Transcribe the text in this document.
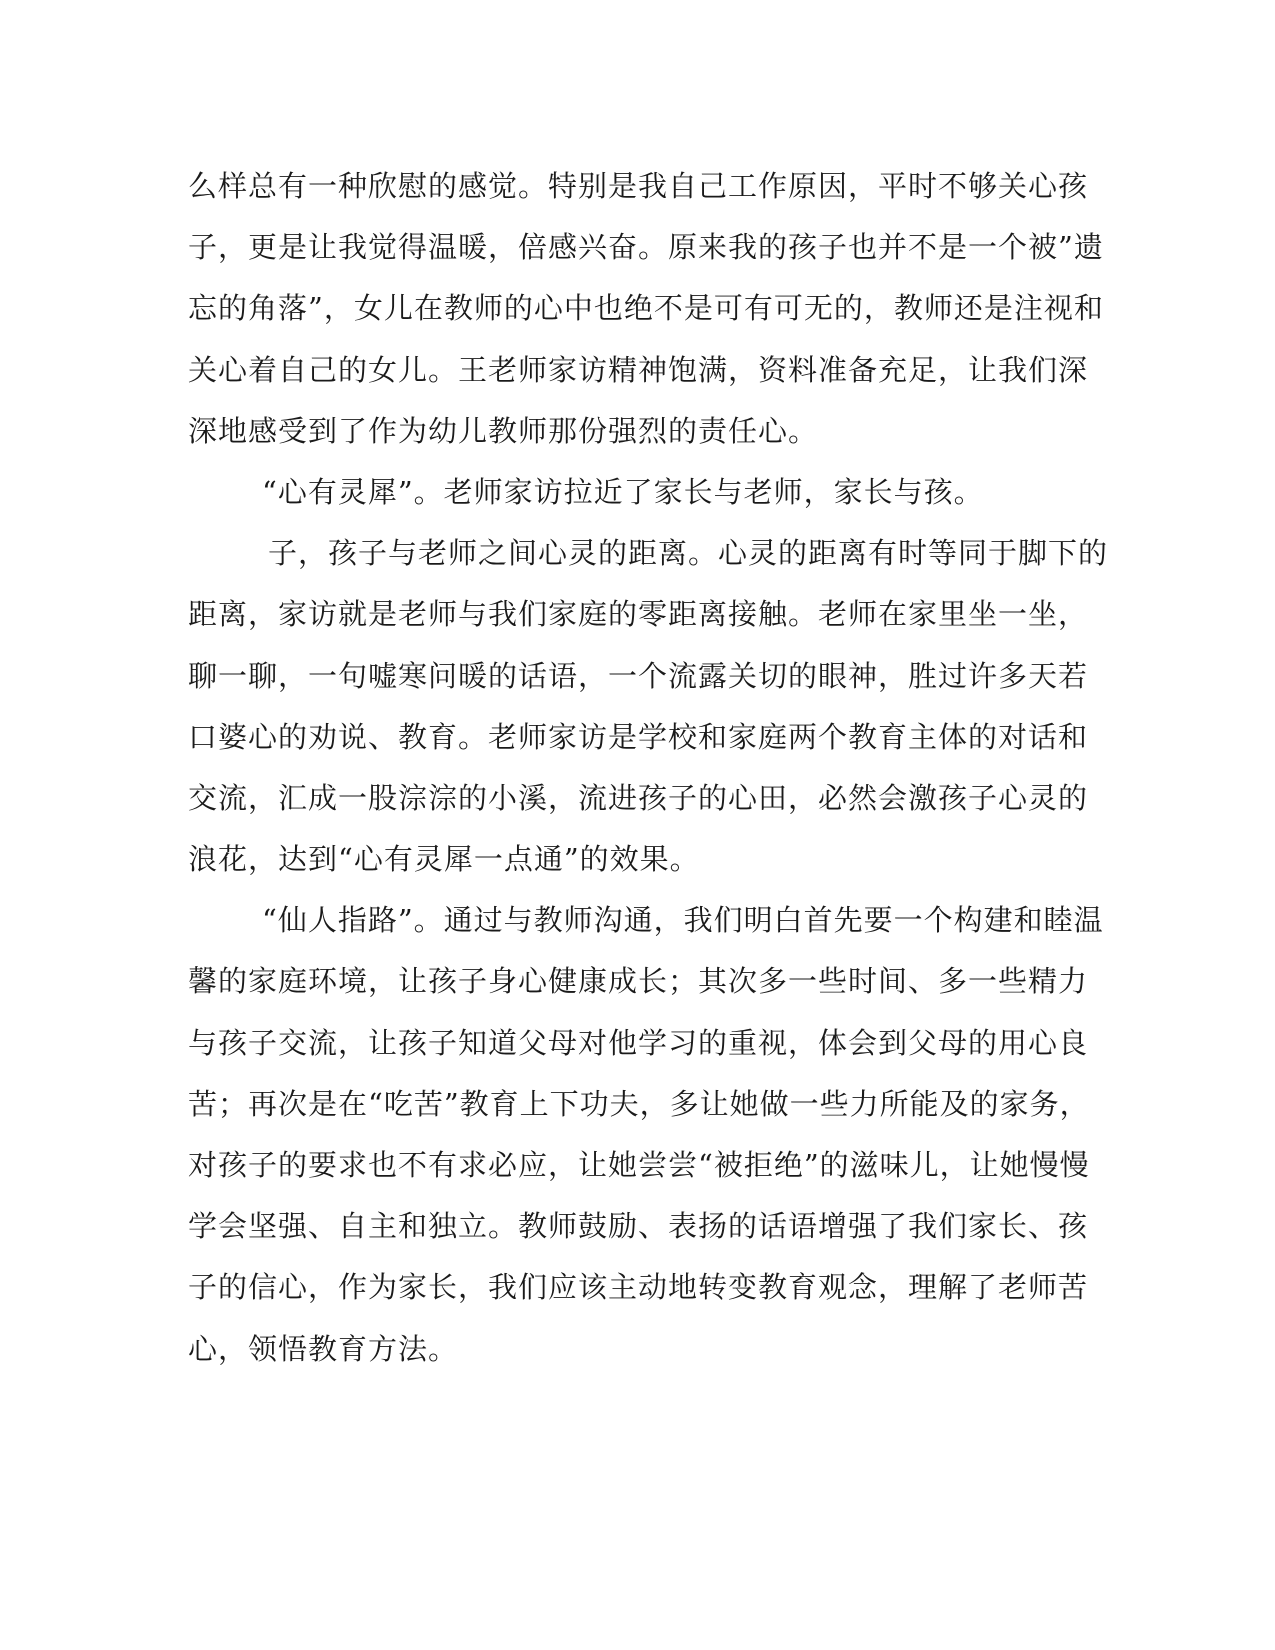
么样总有一种欣慰的感觉。特别是我自己工作原因，平时不够关心孩
子，更是让我觉得温暖，倍感兴奋。原来我的孩子也并不是一个被”遗
忘的角落”，女儿在教师的心中也绝不是可有可无的，教师还是注视和
关心着自己的女儿。王老师家访精神饱满，资料准备充足，让我们深
深地感受到了作为幼儿教师那份强烈的责任心。
“心有灵犀”。老师家访拉近了家长与老师，家长与孩。
子，孩子与老师之间心灵的距离。心灵的距离有时等同于脚下的
距离，家访就是老师与我们家庭的零距离接触。老师在家里坐一坐，
聊一聊，一句嘘寒问暖的话语，一个流露关切的眼神，胜过许多天若
口婆心的劝说、教育。老师家访是学校和家庭两个教育主体的对话和
交流，汇成一股淙淙的小溪，流进孩子的心田，必然会激孩子心灵的
浪花，达到“心有灵犀一点通”的效果。
“仙人指路”。通过与教师沟通，我们明白首先要一个构建和睦温
馨的家庭环境，让孩子身心健康成长；其次多一些时间、多一些精力
与孩子交流，让孩子知道父母对他学习的重视，体会到父母的用心良
苦；再次是在“吃苦”教育上下功夫，多让她做一些力所能及的家务，
对孩子的要求也不有求必应，让她尝尝“被拒绝”的滋味儿，让她慢慢
学会坚强、自主和独立。教师鼓励、表扬的话语增强了我们家长、孩
子的信心，作为家长，我们应该主动地转变教育观念，理解了老师苦
心，领悟教育方法。
